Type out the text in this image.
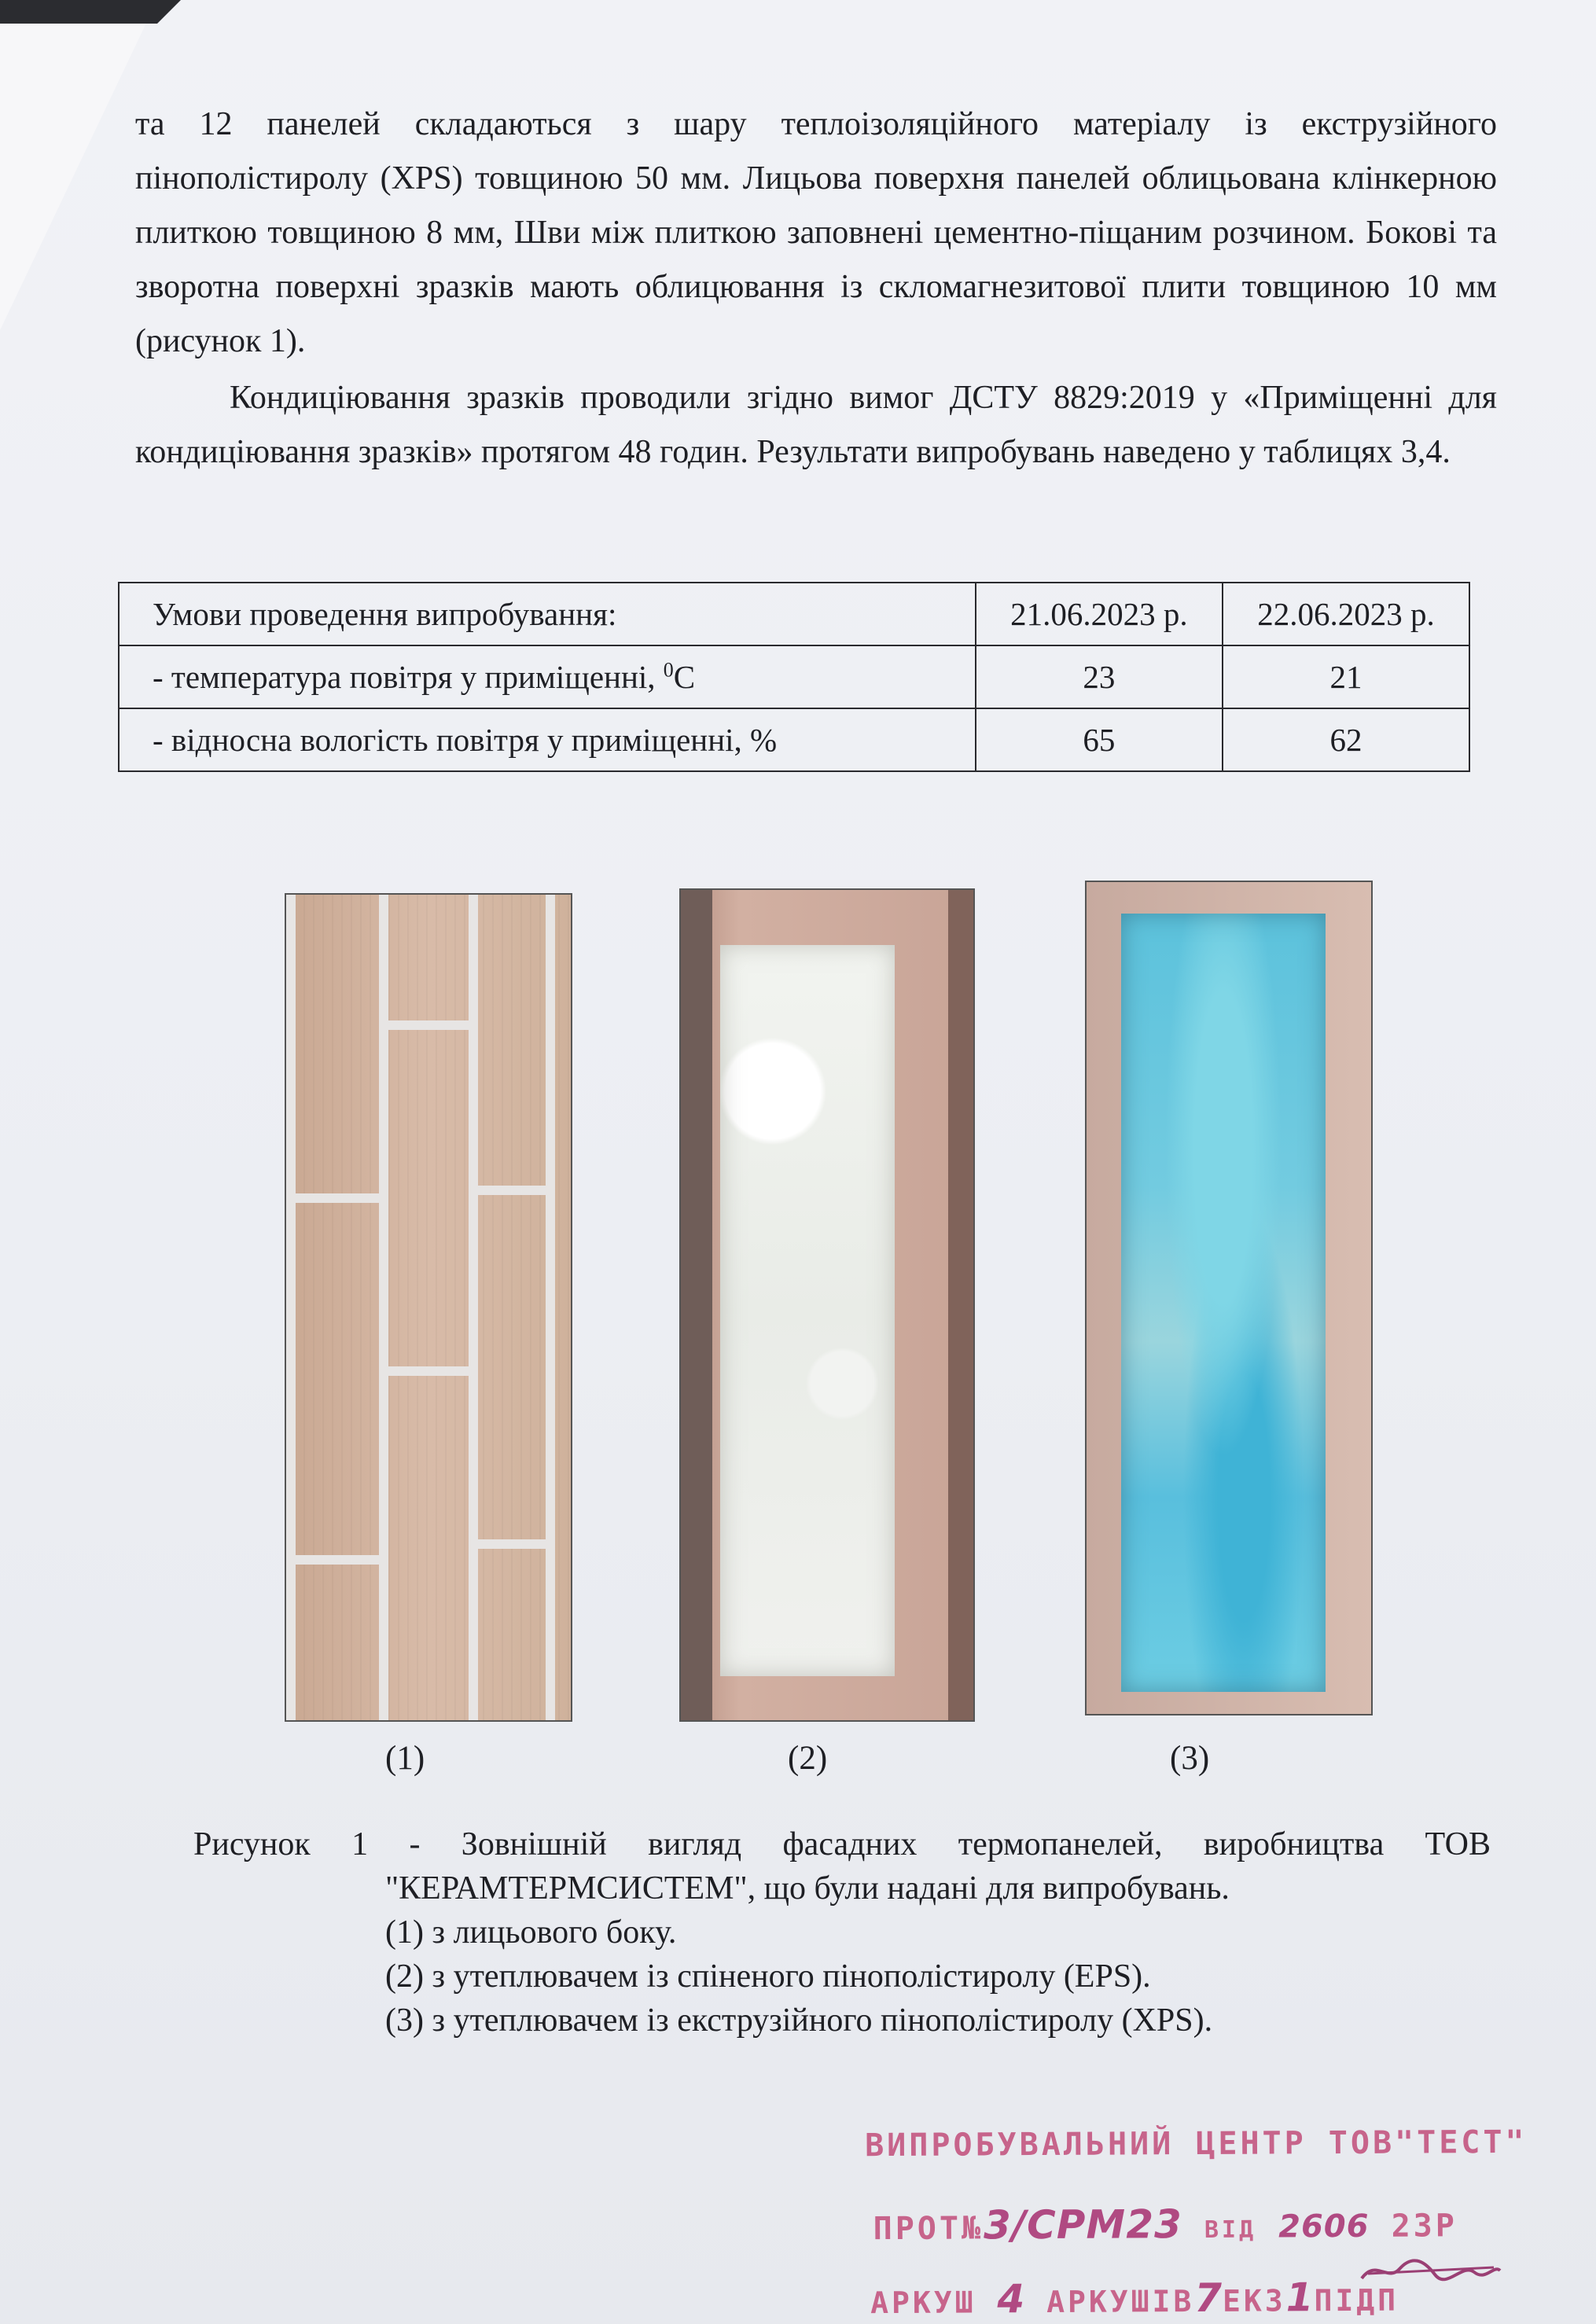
та 12 панелей складаються з шару теплоізоляційного матеріалу із екструзійного пінополістиролу (XPS) товщиною 50 мм. Лицьова поверхня панелей облицьована клінкерною плиткою товщиною 8 мм, Шви між плиткою заповнені цементно-піщаним розчином. Бокові та зворотна поверхні зразків мають облицювання із скломагнезитової плити товщиною 10 мм (рисунок 1).

Кондиціювання зразків проводили згідно вимог ДСТУ 8829:2019 у «Приміщенні для кондиціювання зразків» протягом 48 годин. Результати випробувань наведено у таблицях 3,4.

Умови проведення випробування:	21.06.2023 р.	22.06.2023 р.
- температура повітря у приміщенні, $^0$С	23	21
- відносна вологість повітря у приміщенні, %	65	62
(1)	(2)	(3)
Рисунок 1 - Зовнішній вигляд фасадних термопанелей, виробництва ТОВ
"КЕРАМТЕРМСИСТЕМ", що були надані для випробувань.
(1) з лицьового боку.
(2) з утеплювачем із спіненого пінополістиролу (EPS).
(3) з утеплювачем із екструзійного пінополістиролу (XPS).
ВИПРОБУВАЛЬНИЙ ЦЕНТР ТОВ"ТЕСТ"
ПРОТ№3/СРМ23 ВІД 2606 23Р
АРКУШ 4 АРКУШІВ7ЕКЗ1ПІДП
